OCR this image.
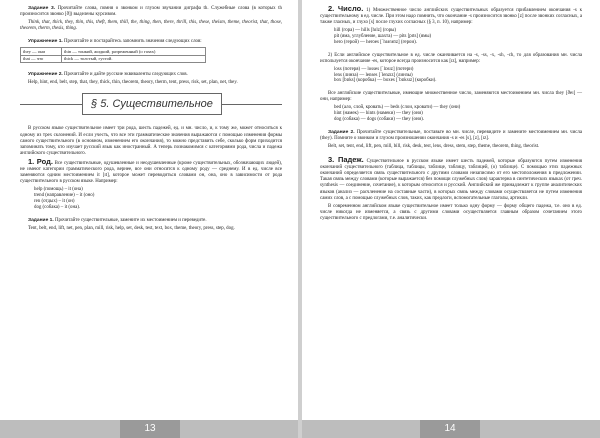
Задание 3. Прочитайте слова, помня о звонком и глухом звучании диграфа th. Служебные слова (в которых th произносится звонко [ð]) выделены курсивом.

Think, that, thick, they, thin, this, theft, them, thill, the, thing, then, there, thrill, this, these, theism, theme, theorist, that, those, theorem, therm, thesis, thing.

Упражнение 1. Прочитайте и постарайтесь запомнить значения следующих слов:

they — они	thin — тонкий, жидкий, разреженный (о газах)
that — что	thick — толстый, густой.

Упражнение 2. Прочитайте и дайте русские эквиваленты следующих слов.

Help, hint, end, belt, step, that, they, thick, thin, theorem, theory, therm, tent, press, risk, set, plan, net, they.

§ 5. Существительное

В русском языке существительное имеет три рода, шесть падежей, ед. и мн. число, и, к тому же, может относиться к одному из трех склонений. И если учесть, что все эти грамматические значения выражаются с помощью изменения формы самого существительного (в основном, изменением его окончания), то можно представить себе, сколько форм приходится запоминать тому, кто изучает русский язык как иностранный. А теперь познакомимся с категориями рода, числа и падежа английского существительного.

1. Род. Все существительные, одушевленные и неодушевленные (кроме существительных, обозначающих людей), не имеют категории грамматического рода, вернее, все они относятся к одному роду — среднему. И в ед. числе все заменяются одним местоимением it [ɪt], которое может переводиться словами он, она, оно в зависимости от рода существительного в русском языке. Например:

help (помощь) – it (она)
trend (направление) – it (оно)
ren (отдых) – it (он)
dog (собака) – it (она).

Задание 1. Прочитайте существительные, замените их местоимением и переведите.

Tent, belt, end, lift, net, pen, plan, mill, risk, help, set, desk, test, text, box, theme, theory, press, step, dog.

13

2. Число. 1) Множественное число английских существительных образуется прибавлением окончания -s к существительному в ед. числе. При этом надо помнить, что окончание -s произносится звонко [z] после звонких согласных, а также гласных, и глухо [s] после глухих согласных (§ 3, п. 10), например:

hill (гора) — hills [hɪlz] (горы)
pit (яма, углубление, шахта) — pits [pɪts] (ямы)
hero (герой) — heroes [ˈhɪərəʊz] (герои).

2) Если английское существительное в ед. числе оканчивается на -s, -ss, -x, -sh, -ch, то для образования мн. числа используется окончание -es, которое всегда произносится как [ɪz], например:

loss (потеря) — losses [ˈlɒsɪz] (потери)
lens (линза) — lenses [ˈlenzɪz] (линзы)
box [bɒks] (коробка) — boxes [ˈbɒksɪz] (коробки).

Все английские существительные, имеющие множественное число, заменяются местоимением мн. числа they [ðeɪ] — они, например:

bed (ало, слой, кровать) — beds (слои, кровати) — they (они)
hint (намек) — hints (намеки) — they (они)
dog (собака) — dogs (собаки) — they (они).

Задание 2. Прочитайте существительные, поставьте во мн. числе, перевидите и замените местоимением мн. числа (they). Помните о звонком и глухом произношении окончания -s и -es [s], [z], [ɪz].

Belt, set, tent, end, lift, pen, mill, bill, risk, desk, test, lens, dress, stem, step, theme, theorem, thing, theorist.

3. Падеж. Существительное в русском языке имеет шесть падежей, которые образуются путем изменения окончаний существительного (таблица, таблицы, таблице, таблицу, таблицей, (о) таблице). С помощью этих падежных окончаний определяется связь существительного с другими словами незаписимо от его местоположения в предложении. Такая связь между словами (которые выражается) без помощи служебных слов) характерна в синтетических языках (от греч. synthesis — соединение, сочетание), к которым относится и русский. Английский же принадлежит к группе аналитических языков (анализ — расчленение на составные части), в которых связь между словами осуществляется не путем изменения самих слов, а с помощью служебных слов, таких, как предлоги, вспомогательные глаголы, артикли.

В современном английском языке существительное имеет только одну форму — форму общего падежа, т.е. оно в ед. числе никогда не изменяется, а связь с другими словами осуществляется главным образом сочетанием этого существительного с предлогами, т.е. аналитически.

14
